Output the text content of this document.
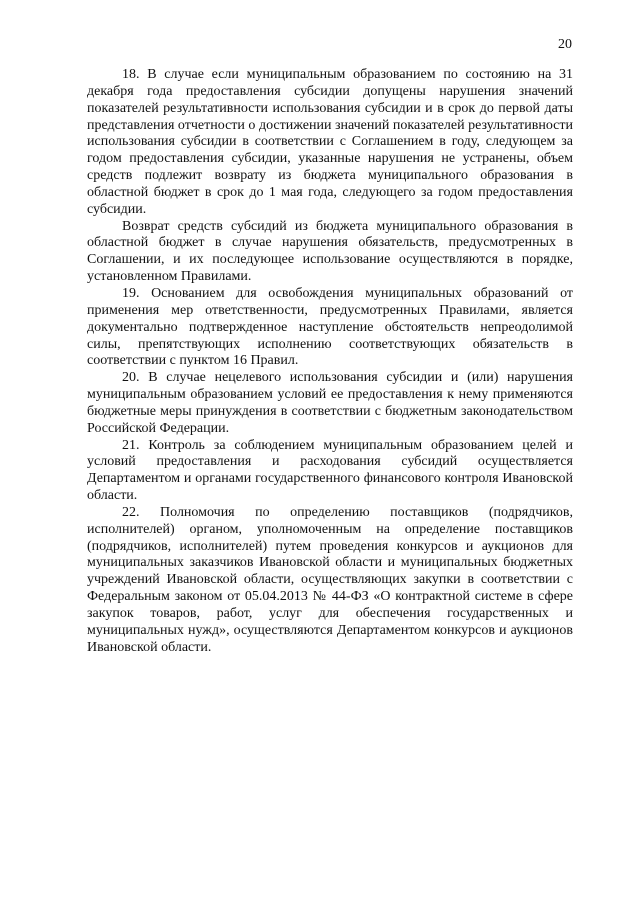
20

18. В случае если муниципальным образованием по состоянию на 31 декабря года предоставления субсидии допущены нарушения значений показателей результативности использования субсидии и в срок до первой даты представления отчетности о достижении значений показателей результативности использования субсидии в соответствии с Соглашением в году, следующем за годом предоставления субсидии, указанные нарушения не устранены, объем средств подлежит возврату из бюджета муниципального образования в областной бюджет в срок до 1 мая года, следующего за годом предоставления субсидии.

Возврат средств субсидий из бюджета муниципального образования в областной бюджет в случае нарушения обязательств, предусмотренных в Соглашении, и их последующее использование осуществляются в порядке, установленном Правилами.

19. Основанием для освобождения муниципальных образований от применения мер ответственности, предусмотренных Правилами, является документально подтвержденное наступление обстоятельств непреодолимой силы, препятствующих исполнению соответствующих обязательств в соответствии с пунктом 16 Правил.

20. В случае нецелевого использования субсидии и (или) нарушения муниципальным образованием условий ее предоставления к нему применяются бюджетные меры принуждения в соответствии с бюджетным законодательством Российской Федерации.

21. Контроль за соблюдением муниципальным образованием целей и условий предоставления и расходования субсидий осуществляется Департаментом и органами государственного финансового контроля Ивановской области.

22. Полномочия по определению поставщиков (подрядчиков, исполнителей) органом, уполномоченным на определение поставщиков (подрядчиков, исполнителей) путем проведения конкурсов и аукционов для муниципальных заказчиков Ивановской области и муниципальных бюджетных учреждений Ивановской области, осуществляющих закупки в соответствии с Федеральным законом от 05.04.2013 № 44-ФЗ «О контрактной системе в сфере закупок товаров, работ, услуг для обеспечения государственных и муниципальных нужд», осуществляются Департаментом конкурсов и аукционов Ивановской области.
